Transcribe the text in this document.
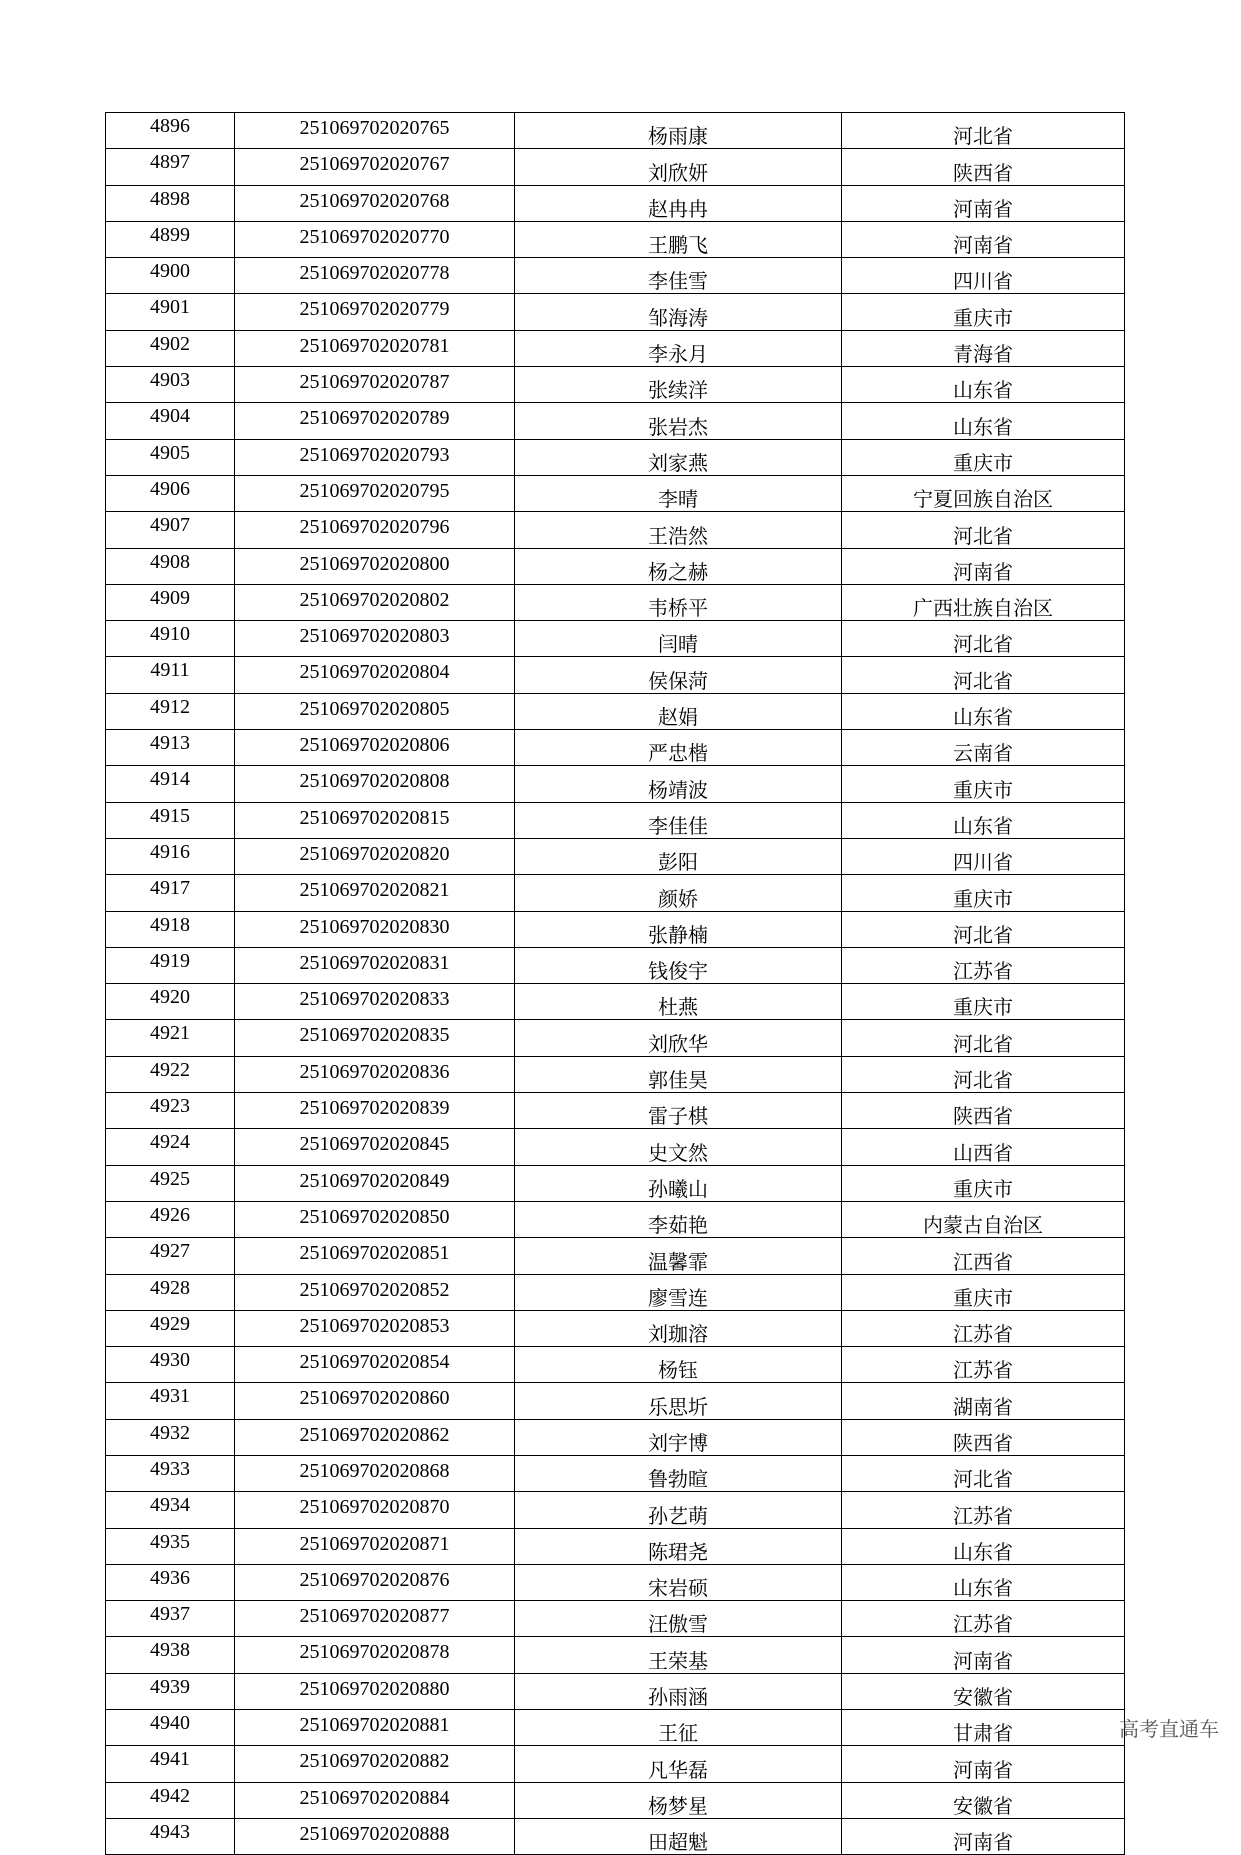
4896	251069702020765	杨雨康	河北省
4897	251069702020767	刘欣妍	陕西省
4898	251069702020768	赵冉冉	河南省
4899	251069702020770	王鹏飞	河南省
4900	251069702020778	李佳雪	四川省
4901	251069702020779	邹海涛	重庆市
4902	251069702020781	李永月	青海省
4903	251069702020787	张续洋	山东省
4904	251069702020789	张岩杰	山东省
4905	251069702020793	刘家燕	重庆市
4906	251069702020795	李晴	宁夏回族自治区
4907	251069702020796	王浩然	河北省
4908	251069702020800	杨之赫	河南省
4909	251069702020802	韦桥平	广西壮族自治区
4910	251069702020803	闫晴	河北省
4911	251069702020804	侯保菏	河北省
4912	251069702020805	赵娟	山东省
4913	251069702020806	严忠楷	云南省
4914	251069702020808	杨靖波	重庆市
4915	251069702020815	李佳佳	山东省
4916	251069702020820	彭阳	四川省
4917	251069702020821	颜娇	重庆市
4918	251069702020830	张静楠	河北省
4919	251069702020831	钱俊宇	江苏省
4920	251069702020833	杜燕	重庆市
4921	251069702020835	刘欣华	河北省
4922	251069702020836	郭佳昊	河北省
4923	251069702020839	雷子棋	陕西省
4924	251069702020845	史文然	山西省
4925	251069702020849	孙曦山	重庆市
4926	251069702020850	李茹艳	内蒙古自治区
4927	251069702020851	温馨霏	江西省
4928	251069702020852	廖雪连	重庆市
4929	251069702020853	刘珈溶	江苏省
4930	251069702020854	杨钰	江苏省
4931	251069702020860	乐思圻	湖南省
4932	251069702020862	刘宇博	陕西省
4933	251069702020868	鲁勃暄	河北省
4934	251069702020870	孙艺萌	江苏省
4935	251069702020871	陈珺尧	山东省
4936	251069702020876	宋岩硕	山东省
4937	251069702020877	汪傲雪	江苏省
4938	251069702020878	王荣基	河南省
4939	251069702020880	孙雨涵	安徽省
4940	251069702020881	王征	甘肃省
4941	251069702020882	凡华磊	河南省
4942	251069702020884	杨梦星	安徽省
4943	251069702020888	田超魁	河南省
高考直通车
